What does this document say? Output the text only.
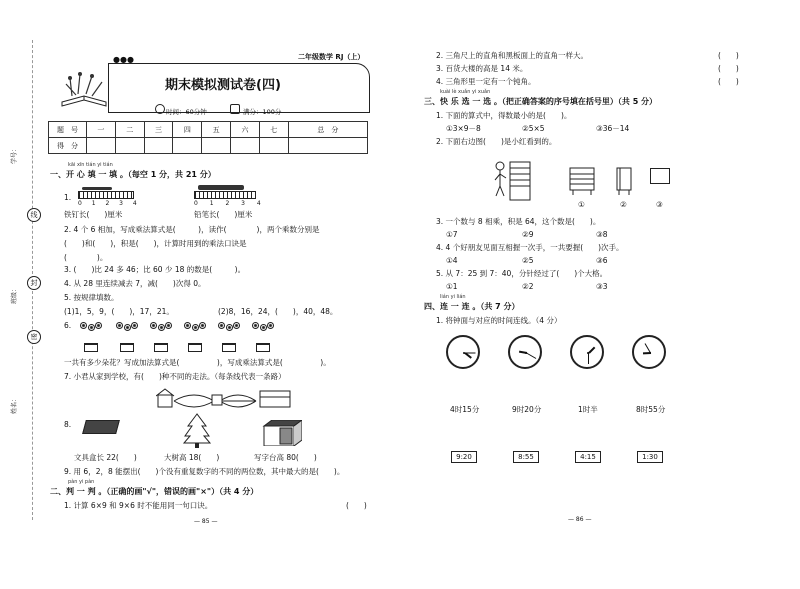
学号：
线
封
班级：
密
姓名：
●●●	二年级数学 RJ（上）
期末模拟测试卷(四)
时间：60分钟	满分：100分
题　号	一	二	三	四	五	六	七	总　分
得　分								
kāi xīn tián yi tián
一、开 心 填 一 填 。（每空 1 分，共 21 分）
1.
0 1 2 3 4	0 1 2 3 4
铁钉长(　　)厘米	铅笔长(　　)厘米
2. 4 个 6 相加，写成乘法算式是(　　　)，读作(　　　　)，两个乘数分别是
(　　)和(　　)，积是(　　)，计算时用到的乘法口诀是
(　　　　)。
3. (　　)比 24 多 46；比 60 少 18 的数是(　　　)。
4. 从 28 里连续减去 7，减(　　)次得 0。
5. 按规律填数。
(1)1，5，9，(　　)，17，21。	(2)8，16，24，(　　)，40，48。
6.
一共有多少朵花？写成加法算式是(　　　　　)，写成乘法算式是(　　　　　)。
7. 小君从家到学校，有(　　)种不同的走法。（每条线代表一条路）
8.
文具盒长 22(　　)	大树高 18(　　)	写字台高 80(　　)
9. 用 6，2，8 能摆出(　　)个没有重复数字的不同的两位数，其中最大的是(　　)。
pàn yi pàn
二、判 一 判 。（正确的画"√"，错误的画"×"）（共 4 分）
1. 计算 6×9 和 9×6 时不能用同一句口诀。	(　　)
— 85 —
2. 三角尺上的直角和黑板面上的直角一样大。	(　　)
3. 百货大楼的高是 14 米。	(　　)
4. 三角形里一定有一个钝角。	(　　)
kuài lè xuǎn yi xuǎn
三、快 乐 选 一 选 。（把正确答案的序号填在括号里）（共 5 分）
1. 下面的算式中，得数最小的是(　　)。
①3×9－8	②5×5	③36－14
2. 下面右边图(　　)是小红看到的。
①	②	③
3. 一个数与 8 相乘，积是 64，这个数是(　　)。
①7	②9	③8
4. 4 个好朋友见面互相握一次手，一共要握(　　)次手。
①4	②5	③6
5. 从 7：25 到 7：40，分针经过了(　　)个大格。
①1	②2	③3
lián yi lián
四、连 一 连 。（共 7 分）
1. 将钟面与对应的时间连线。（4 分）
4时15分	9时20分	1时半	8时55分
9:20	8:55	4:15	1:30
— 86 —
